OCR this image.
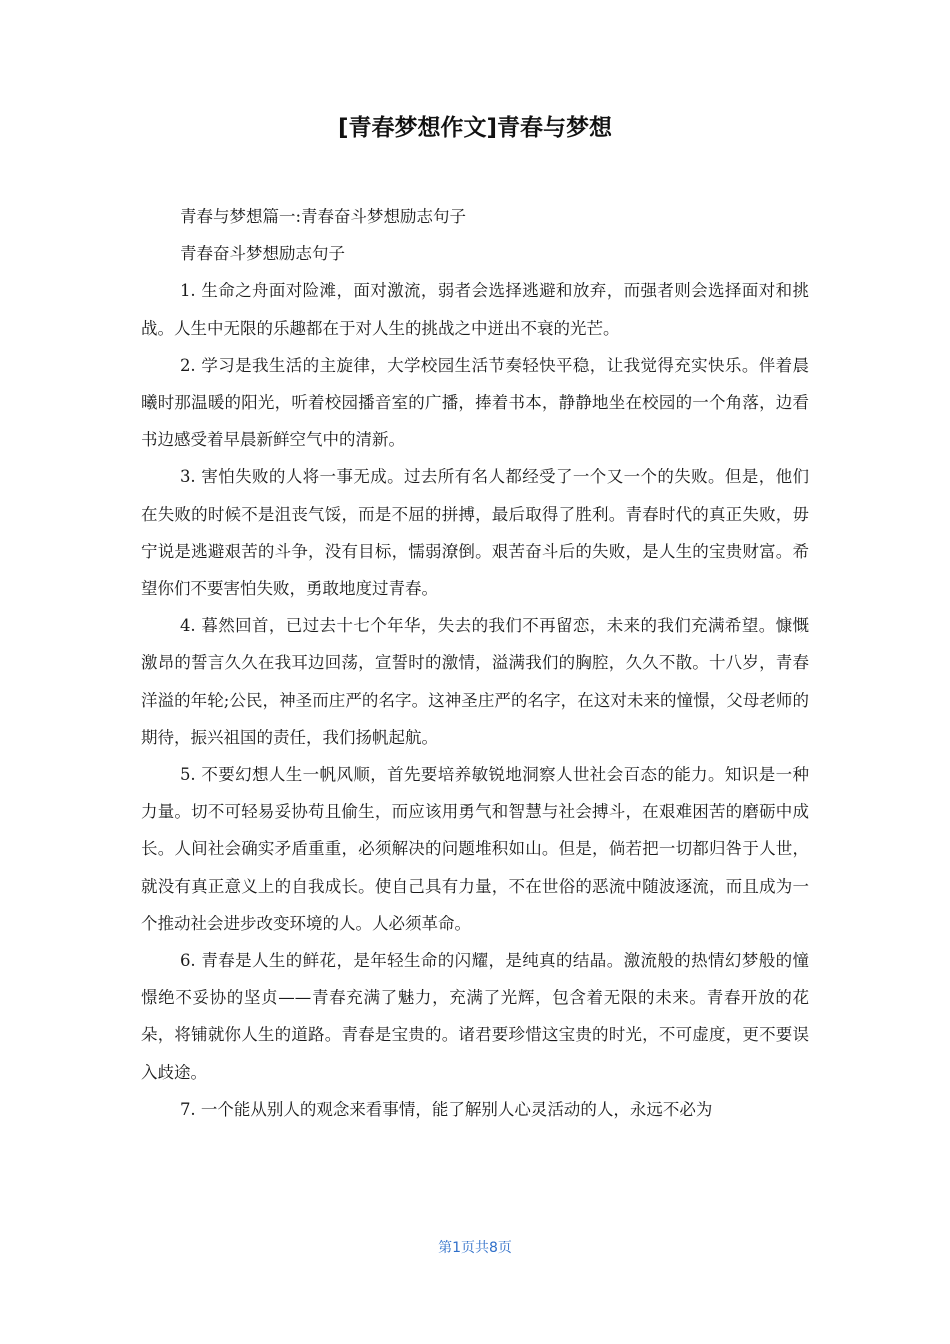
[青春梦想作文]青春与梦想

青春与梦想篇一:青春奋斗梦想励志句子

青春奋斗梦想励志句子

1. 生命之舟面对险滩，面对激流，弱者会选择逃避和放弃，而强者则会选择面对和挑战。人生中无限的乐趣都在于对人生的挑战之中迸出不衰的光芒。

2. 学习是我生活的主旋律，大学校园生活节奏轻快平稳，让我觉得充实快乐。伴着晨曦时那温暖的阳光，听着校园播音室的广播，捧着书本，静静地坐在校园的一个角落，边看书边感受着早晨新鲜空气中的清新。

3. 害怕失败的人将一事无成。过去所有名人都经受了一个又一个的失败。但是，他们在失败的时候不是沮丧气馁，而是不屈的拼搏，最后取得了胜利。青春时代的真正失败，毋宁说是逃避艰苦的斗争，没有目标，懦弱潦倒。艰苦奋斗后的失败，是人生的宝贵财富。希望你们不要害怕失败，勇敢地度过青春。

4. 暮然回首，已过去十七个年华，失去的我们不再留恋，未来的我们充满希望。慷慨激昂的誓言久久在我耳边回荡，宣誓时的激情，溢满我们的胸腔，久久不散。十八岁，青春洋溢的年轮;公民，神圣而庄严的名字。这神圣庄严的名字，在这对未来的憧憬，父母老师的期待，振兴祖国的责任，我们扬帆起航。

5. 不要幻想人生一帆风顺，首先要培养敏锐地洞察人世社会百态的能力。知识是一种力量。切不可轻易妥协苟且偷生，而应该用勇气和智慧与社会搏斗，在艰难困苦的磨砺中成长。人间社会确实矛盾重重，必须解决的问题堆积如山。但是，倘若把一切都归咎于人世，就没有真正意义上的自我成长。使自己具有力量，不在世俗的恶流中随波逐流，而且成为一个推动社会进步改变环境的人。人必须革命。

6. 青春是人生的鲜花，是年轻生命的闪耀，是纯真的结晶。激流般的热情幻梦般的憧憬绝不妥协的坚贞——青春充满了魅力，充满了光辉，包含着无限的未来。青春开放的花朵，将铺就你人生的道路。青春是宝贵的。诸君要珍惜这宝贵的时光，不可虚度，更不要误入歧途。

7. 一个能从别人的观念来看事情，能了解别人心灵活动的人，永远不必为

第1页共8页
